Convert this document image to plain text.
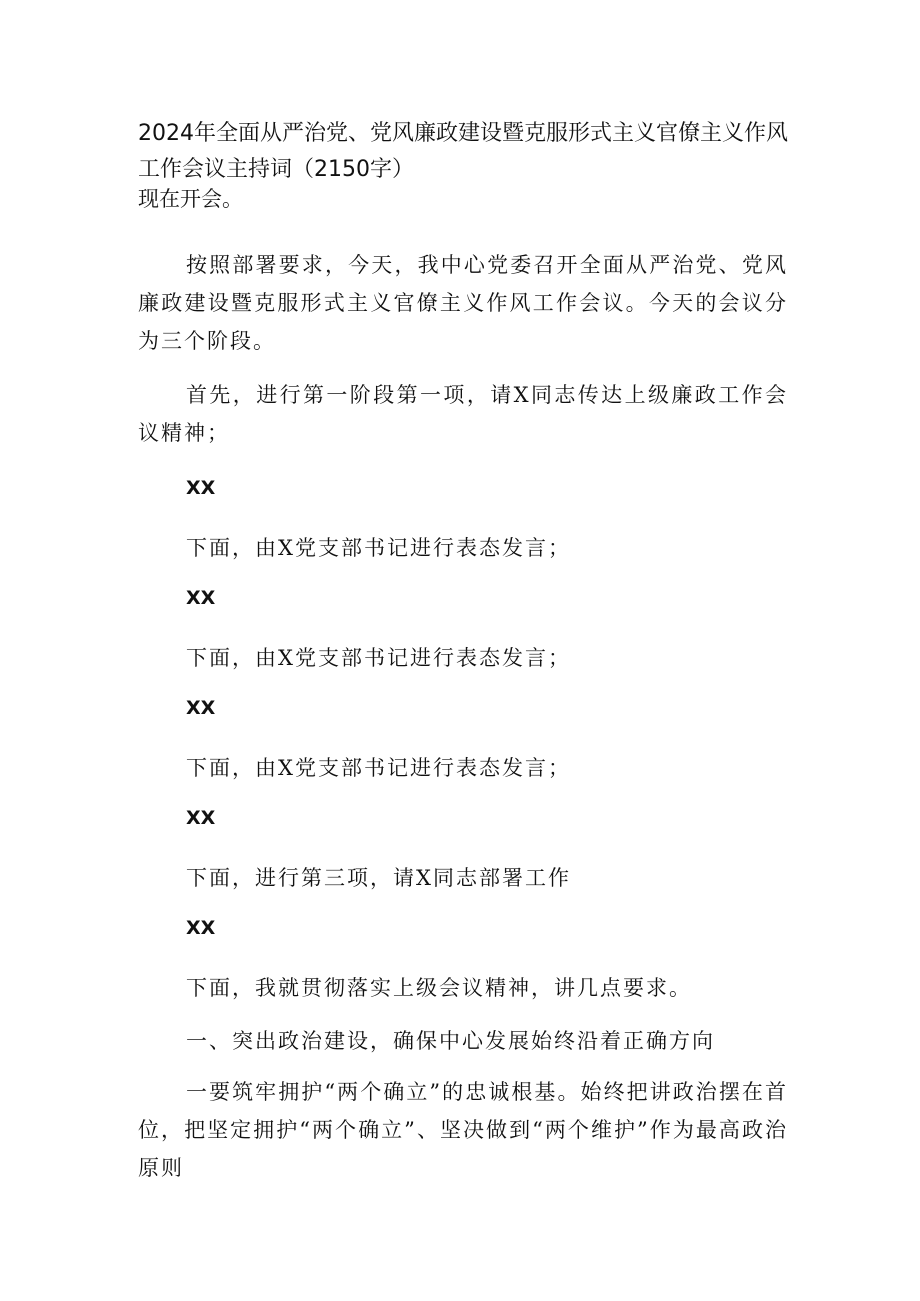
2024年全面从严治党、党风廉政建设暨克服形式主义官僚主义作风工作会议主持词（2150字）

现在开会。

按照部署要求，今天，我中心党委召开全面从严治党、党风廉政建设暨克服形式主义官僚主义作风工作会议。今天的会议分为三个阶段。

首先，进行第一阶段第一项，请X同志传达上级廉政工作会议精神；

XX

下面，由X党支部书记进行表态发言；

XX

下面，由X党支部书记进行表态发言；

XX

下面，由X党支部书记进行表态发言；

XX

下面，进行第三项，请X同志部署工作

XX

下面，我就贯彻落实上级会议精神，讲几点要求。

一、突出政治建设，确保中心发展始终沿着正确方向

一要筑牢拥护“两个确立”的忠诚根基。始终把讲政治摆在首位，把坚定拥护“两个确立”、坚决做到“两个维护”作为最高政治原则
